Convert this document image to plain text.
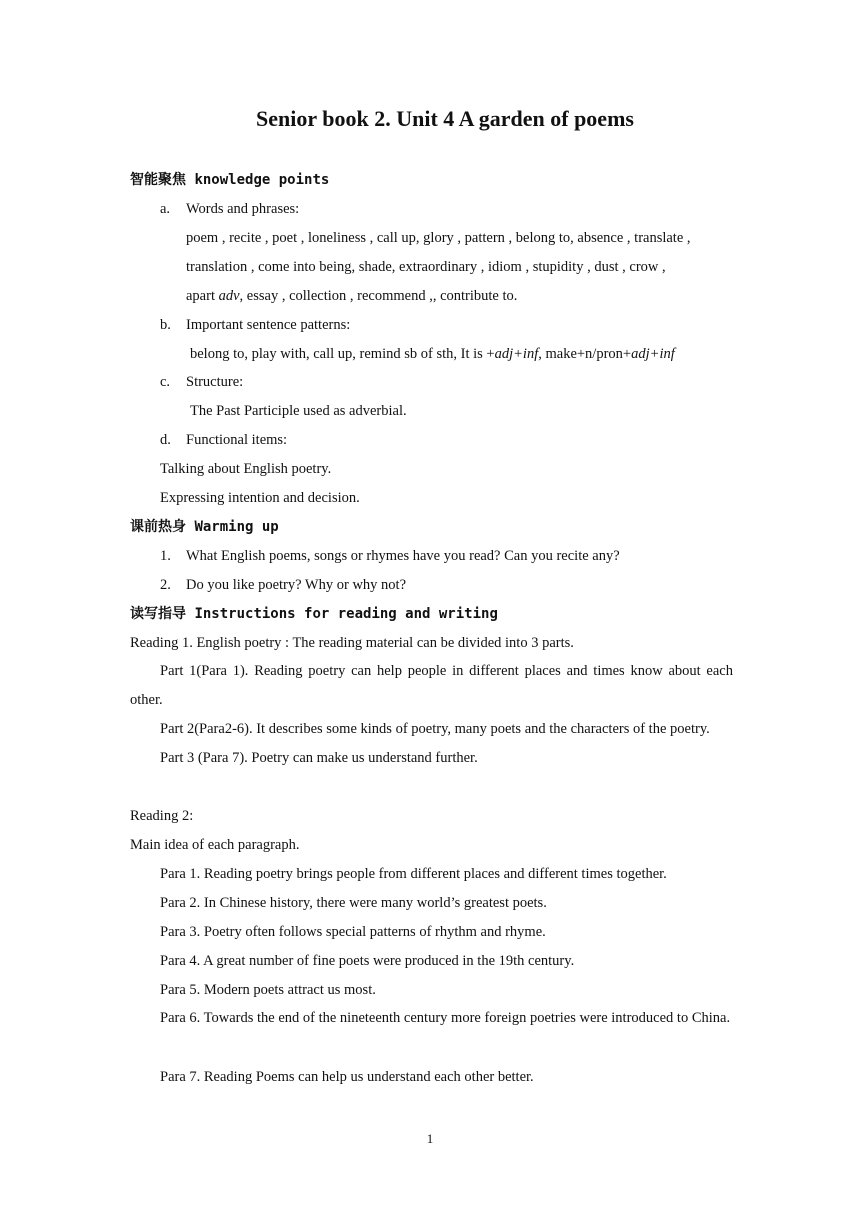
Senior book 2. Unit 4 A garden of poems
智能聚焦 knowledge points
a. Words and phrases:
poem , recite , poet , loneliness , call up, glory , pattern , belong to, absence , translate ,
translation , come into being, shade, extraordinary , idiom , stupidity , dust , crow ,
apart adv, essay , collection , recommend ,, contribute to.
b. Important sentence patterns:
belong to, play with, call up, remind sb of sth, It is +adj+inf, make+n/pron+adj+inf
c. Structure:
The Past Participle used as adverbial.
d. Functional items:
Talking about English poetry.
Expressing intention and decision.
课前热身 Warming up
1. What English poems, songs or rhymes have you read? Can you recite any?
2. Do you like poetry? Why or why not?
读写指导 Instructions for reading and writing
Reading 1. English poetry : The reading material can be divided into 3 parts.

Part 1(Para 1). Reading poetry can help people in different places and times know about each other.

Part 2(Para2-6). It describes some kinds of poetry, many poets and the characters of the poetry.

Part 3 (Para 7). Poetry can make us understand further.

Reading 2:
Main idea of each paragraph.
Para 1. Reading poetry brings people from different places and different times together.
Para 2. In Chinese history, there were many world’s greatest poets.
Para 3. Poetry often follows special patterns of rhythm and rhyme.
Para 4. A great number of fine poets were produced in the 19th century.
Para 5. Modern poets attract us most.

Para 6. Towards the end of the nineteenth century more foreign poetries were introduced to China.

Para 7. Reading Poems can help us understand each other better.
1
